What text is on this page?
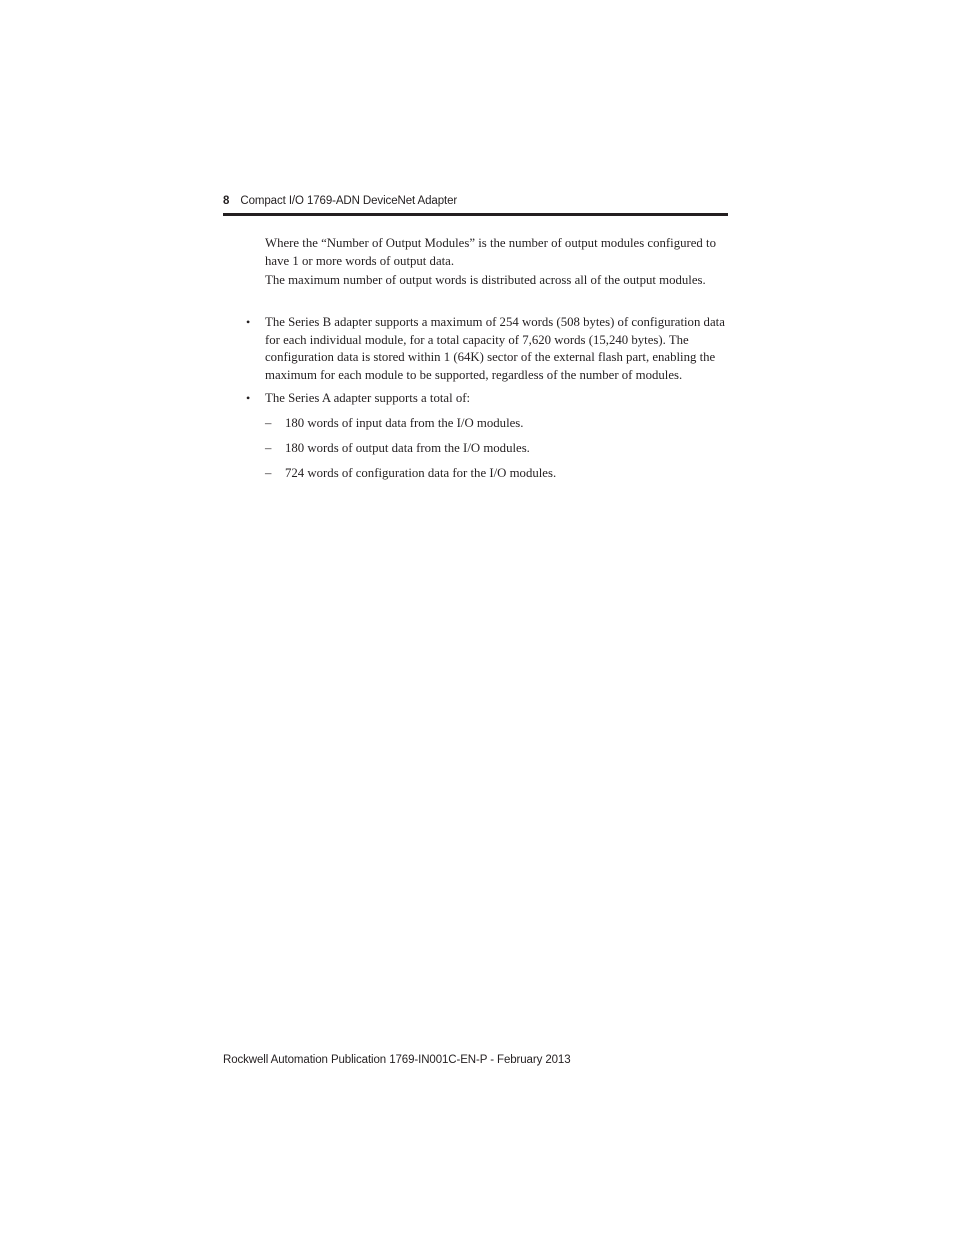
8 Compact I/O 1769-ADN DeviceNet Adapter

Where the “Number of Output Modules” is the number of output modules configured to have 1 or more words of output data.

The maximum number of output words is distributed across all of the output modules.

• The Series B adapter supports a maximum of 254 words (508 bytes) of configuration data for each individual module, for a total capacity of 7,620 words (15,240 bytes). The configuration data is stored within 1 (64K) sector of the external flash part, enabling the maximum for each module to be supported, regardless of the number of modules.

• The Series A adapter supports a total of:

– 180 words of input data from the I/O modules.
– 180 words of output data from the I/O modules.
– 724 words of configuration data for the I/O modules.
Rockwell Automation Publication 1769-IN001C-EN-P - February 2013
